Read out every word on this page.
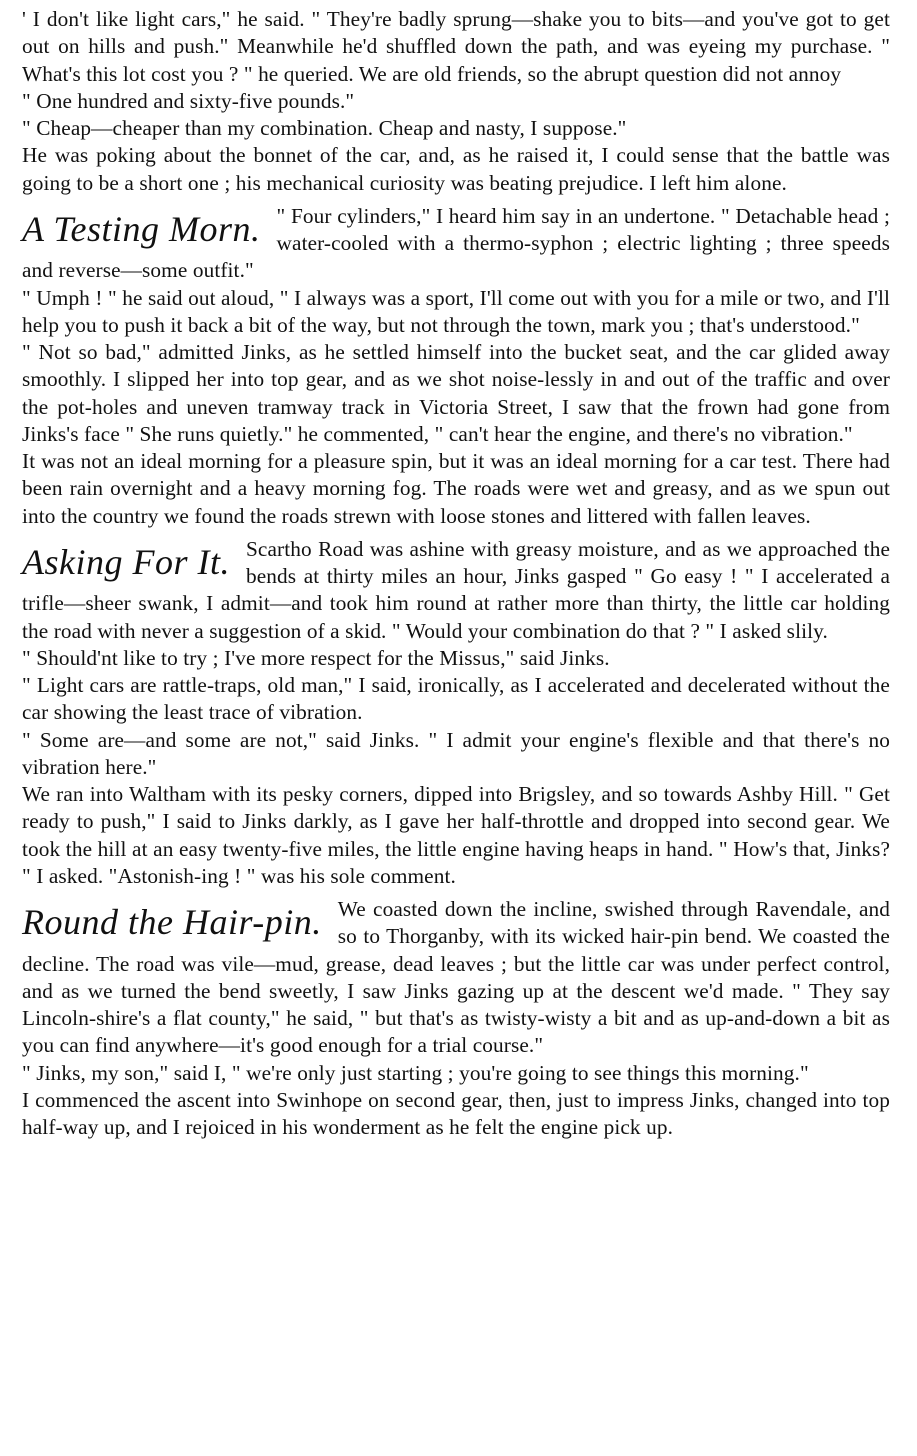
' I don't like light cars," he said. " They're badly sprung—shake you to bits—and you've got to get out on hills and push." Meanwhile he'd shuffled down the path, and was eyeing my purchase. " What's this lot cost you ? " he queried. We are old friends, so the abrupt question did not annoy

" One hundred and sixty-five pounds."

" Cheap—cheaper than my combination. Cheap and nasty, I suppose."

He was poking about the bonnet of the car, and, as he raised it, I could sense that the battle was going to be a short one ; his mechanical curiosity was beating prejudice. I left him alone.

A Testing Morn. " Four cylinders," I heard him say in an undertone. " Detachable head ; water-cooled with a thermo-syphon ; electric lighting ; three speeds and reverse—some outfit."

" Umph ! " he said out aloud, " I always was a sport, I'll come out with you for a mile or two, and I'll help you to push it back a bit of the way, but not through the town, mark you ; that's understood."

" Not so bad," admitted Jinks, as he settled himself into the bucket seat, and the car glided away smoothly. I slipped her into top gear, and as we shot noise-lessly in and out of the traffic and over the pot-holes and uneven tramway track in Victoria Street, I saw that the frown had gone from Jinks's face " She runs quietly." he commented, " can't hear the engine, and there's no vibration."

It was not an ideal morning for a pleasure spin, but it was an ideal morning for a car test. There had been rain overnight and a heavy morning fog. The roads were wet and greasy, and as we spun out into the country we found the roads strewn with loose stones and littered with fallen leaves.

Asking For It. Scartho Road was ashine with greasy moisture, and as we approached the bends at thirty miles an hour, Jinks gasped " Go easy ! " I accelerated a trifle—sheer swank, I admit—and took him round at rather more than thirty, the little car holding the road with never a suggestion of a skid. " Would your combination do that ? " I asked slily.

" Should'nt like to try ; I've more respect for the Missus," said Jinks.

" Light cars are rattle-traps, old man," I said, ironically, as I accelerated and decelerated without the car showing the least trace of vibration.

" Some are—and some are not," said Jinks. " I admit your engine's flexible and that there's no vibration here."

We ran into Waltham with its pesky corners, dipped into Brigsley, and so towards Ashby Hill. " Get ready to push," I said to Jinks darkly, as I gave her half-throttle and dropped into second gear. We took the hill at an easy twenty-five miles, the little engine having heaps in hand. " How's that, Jinks? " I asked. "Astonish-ing ! " was his sole comment.

Round the Hair-pin. We coasted down the incline, swished through Ravendale, and so to Thorganby, with its wicked hair-pin bend. We coasted the decline. The road was vile—mud, grease, dead leaves ; but the little car was under perfect control, and as we turned the bend sweetly, I saw Jinks gazing up at the descent we'd made. " They say Lincoln-shire's a flat county," he said, " but that's as twisty-wisty a bit and as up-and-down a bit as you can find anywhere—it's good enough for a trial course."

" Jinks, my son," said I, " we're only just starting ; you're going to see things this morning."

I commenced the ascent into Swinhope on second gear, then, just to impress Jinks, changed into top half-way up, and I rejoiced in his wonderment as he felt the engine pick up.
